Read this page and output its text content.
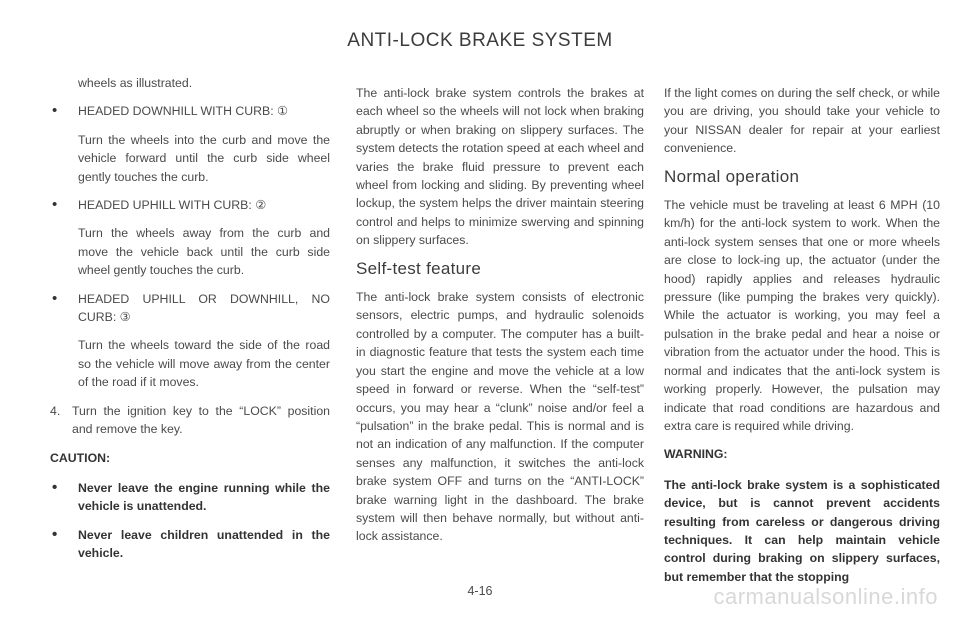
ANTI-LOCK BRAKE SYSTEM

wheels as illustrated.

• HEADED DOWNHILL WITH CURB: ①

Turn the wheels into the curb and move the vehicle forward until the curb side wheel gently touches the curb.

• HEADED UPHILL WITH CURB: ②

Turn the wheels away from the curb and move the vehicle back until the curb side wheel gently touches the curb.

• HEADED UPHILL OR DOWNHILL, NO CURB: ③

Turn the wheels toward the side of the road so the vehicle will move away from the center of the road if it moves.

4. Turn the ignition key to the “LOCK” position and remove the key.

CAUTION:

• Never leave the engine running while the vehicle is unattended.

• Never leave children unattended in the vehicle.

The anti-lock brake system controls the brakes at each wheel so the wheels will not lock when braking abruptly or when braking on slippery surfaces. The system detects the rotation speed at each wheel and varies the brake fluid pressure to prevent each wheel from locking and sliding. By preventing wheel lockup, the system helps the driver maintain steering control and helps to minimize swerving and spinning on slippery surfaces.

Self-test feature

The anti-lock brake system consists of electronic sensors, electric pumps, and hydraulic solenoids controlled by a computer. The computer has a built-in diagnostic feature that tests the system each time you start the engine and move the vehicle at a low speed in forward or reverse. When the “self-test” occurs, you may hear a “clunk” noise and/or feel a “pulsation” in the brake pedal. This is normal and is not an indication of any malfunction. If the computer senses any malfunction, it switches the anti-lock brake system OFF and turns on the “ANTI-LOCK” brake warning light in the dashboard. The brake system will then behave normally, but without anti-lock assistance.

If the light comes on during the self check, or while you are driving, you should take your vehicle to your NISSAN dealer for repair at your earliest convenience.

Normal operation

The vehicle must be traveling at least 6 MPH (10 km/h) for the anti-lock system to work. When the anti-lock system senses that one or more wheels are close to lock-ing up, the actuator (under the hood) rapidly applies and releases hydraulic pressure (like pumping the brakes very quickly). While the actuator is working, you may feel a pulsation in the brake pedal and hear a noise or vibration from the actuator under the hood. This is normal and indicates that the anti-lock system is working properly. However, the pulsation may indicate that road conditions are hazardous and extra care is required while driving.

WARNING:

The anti-lock brake system is a sophisticated device, but is cannot prevent accidents resulting from careless or dangerous driving techniques. It can help maintain vehicle control during braking on slippery surfaces, but remember that the stopping

4-16	carmanualsonline.info
